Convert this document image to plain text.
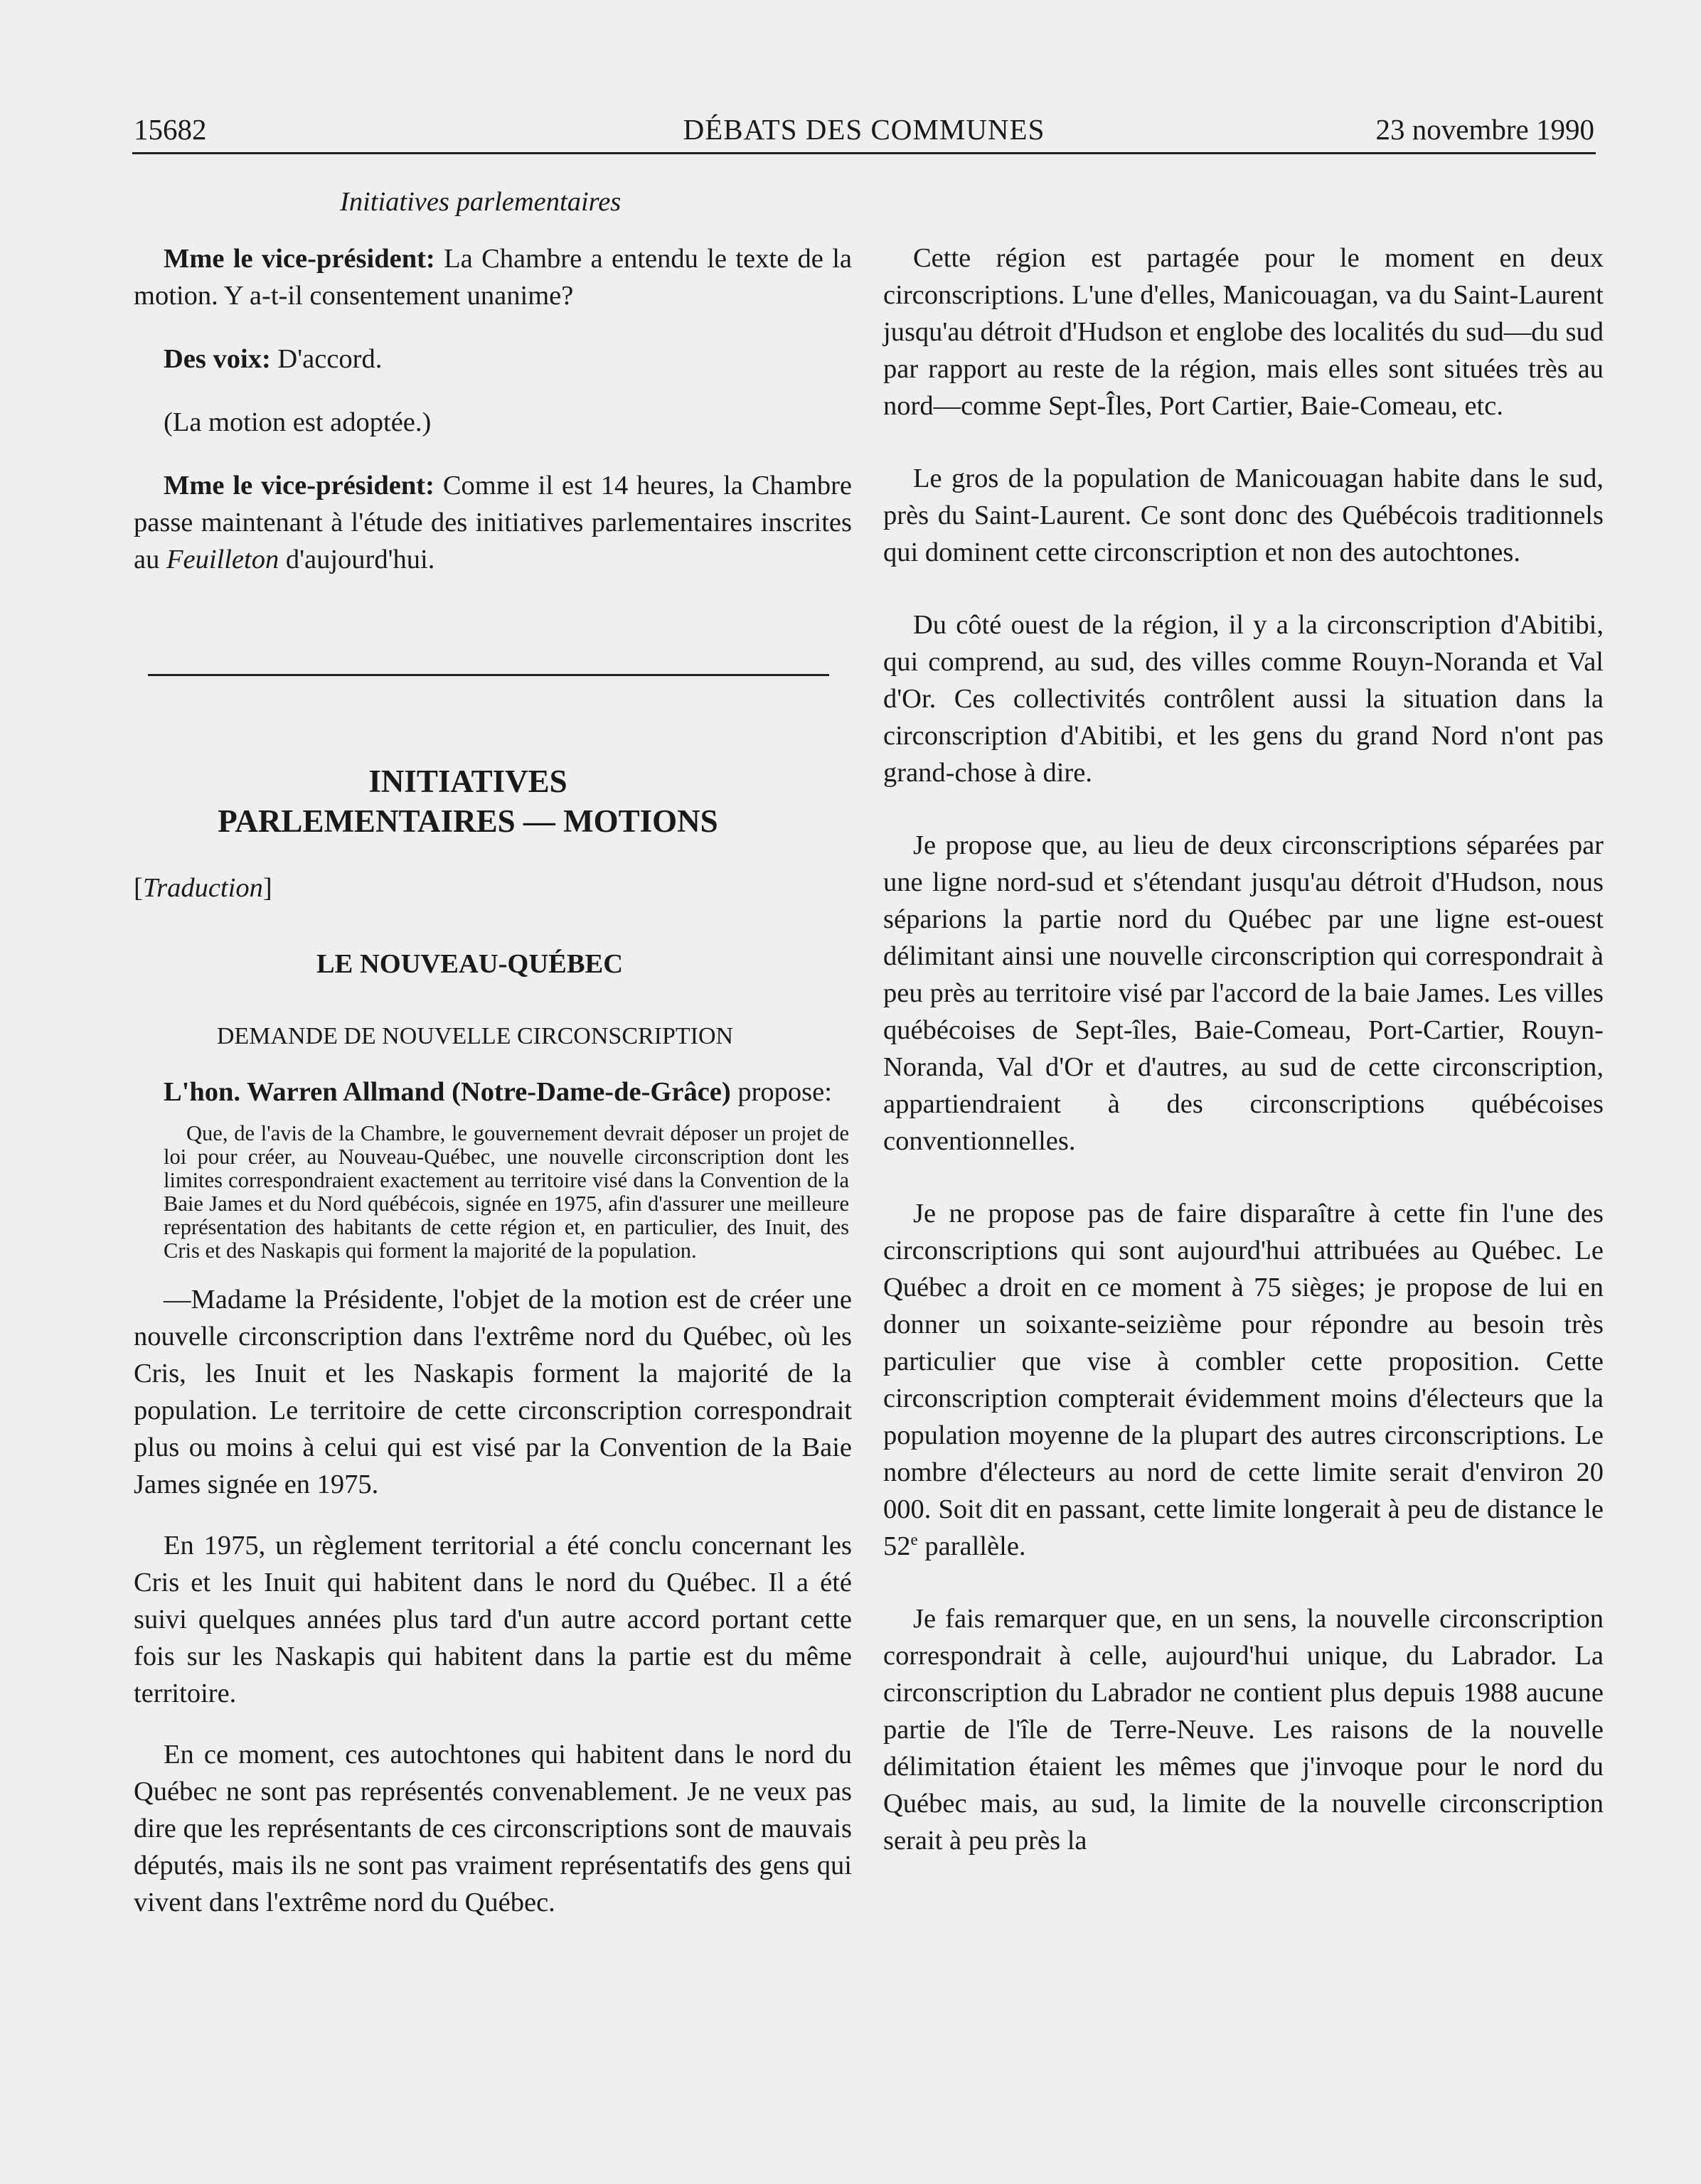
15682	DÉBATS DES COMMUNES	23 novembre 1990

Initiatives parlementaires

Mme le vice-président: La Chambre a entendu le texte de la motion. Y a-t-il consentement unanime?

Des voix: D'accord.

(La motion est adoptée.)

Mme le vice-président: Comme il est 14 heures, la Chambre passe maintenant à l'étude des initiatives parlementaires inscrites au Feuilleton d'aujourd'hui.

INITIATIVES
PARLEMENTAIRES — MOTIONS

[Traduction]

LE NOUVEAU-QUÉBEC

DEMANDE DE NOUVELLE CIRCONSCRIPTION

L'hon. Warren Allmand (Notre-Dame-de-Grâce) propose:

Que, de l'avis de la Chambre, le gouvernement devrait déposer un projet de loi pour créer, au Nouveau-Québec, une nouvelle circonscription dont les limites correspondraient exactement au territoire visé dans la Convention de la Baie James et du Nord québécois, signée en 1975, afin d'assurer une meilleure représentation des habitants de cette région et, en particulier, des Inuit, des Cris et des Naskapis qui forment la majorité de la population.

—Madame la Présidente, l'objet de la motion est de créer une nouvelle circonscription dans l'extrême nord du Québec, où les Cris, les Inuit et les Naskapis forment la majorité de la population. Le territoire de cette circonscription correspondrait plus ou moins à celui qui est visé par la Convention de la Baie James signée en 1975.

En 1975, un règlement territorial a été conclu concernant les Cris et les Inuit qui habitent dans le nord du Québec. Il a été suivi quelques années plus tard d'un autre accord portant cette fois sur les Naskapis qui habitent dans la partie est du même territoire.

En ce moment, ces autochtones qui habitent dans le nord du Québec ne sont pas représentés convenablement. Je ne veux pas dire que les représentants de ces circonscriptions sont de mauvais députés, mais ils ne sont pas vraiment représentatifs des gens qui vivent dans l'extrême nord du Québec.

Cette région est partagée pour le moment en deux circonscriptions. L'une d'elles, Manicouagan, va du Saint-Laurent jusqu'au détroit d'Hudson et englobe des localités du sud—du sud par rapport au reste de la région, mais elles sont situées très au nord—comme Sept-Îles, Port Cartier, Baie-Comeau, etc.

Le gros de la population de Manicouagan habite dans le sud, près du Saint-Laurent. Ce sont donc des Québécois traditionnels qui dominent cette circonscription et non des autochtones.

Du côté ouest de la région, il y a la circonscription d'Abitibi, qui comprend, au sud, des villes comme Rouyn-Noranda et Val d'Or. Ces collectivités contrôlent aussi la situation dans la circonscription d'Abitibi, et les gens du grand Nord n'ont pas grand-chose à dire.

Je propose que, au lieu de deux circonscriptions séparées par une ligne nord-sud et s'étendant jusqu'au détroit d'Hudson, nous séparions la partie nord du Québec par une ligne est-ouest délimitant ainsi une nouvelle circonscription qui correspondrait à peu près au territoire visé par l'accord de la baie James. Les villes québécoises de Sept-îles, Baie-Comeau, Port-Cartier, Rouyn-Noranda, Val d'Or et d'autres, au sud de cette circonscription, appartiendraient à des circonscriptions québécoises conventionnelles.

Je ne propose pas de faire disparaître à cette fin l'une des circonscriptions qui sont aujourd'hui attribuées au Québec. Le Québec a droit en ce moment à 75 sièges; je propose de lui en donner un soixante-seizième pour répondre au besoin très particulier que vise à combler cette proposition. Cette circonscription compterait évidemment moins d'électeurs que la population moyenne de la plupart des autres circonscriptions. Le nombre d'électeurs au nord de cette limite serait d'environ 20 000. Soit dit en passant, cette limite longerait à peu de distance le 52e parallèle.

Je fais remarquer que, en un sens, la nouvelle circonscription correspondrait à celle, aujourd'hui unique, du Labrador. La circonscription du Labrador ne contient plus depuis 1988 aucune partie de l'île de Terre-Neuve. Les raisons de la nouvelle délimitation étaient les mêmes que j'invoque pour le nord du Québec mais, au sud, la limite de la nouvelle circonscription serait à peu près la
